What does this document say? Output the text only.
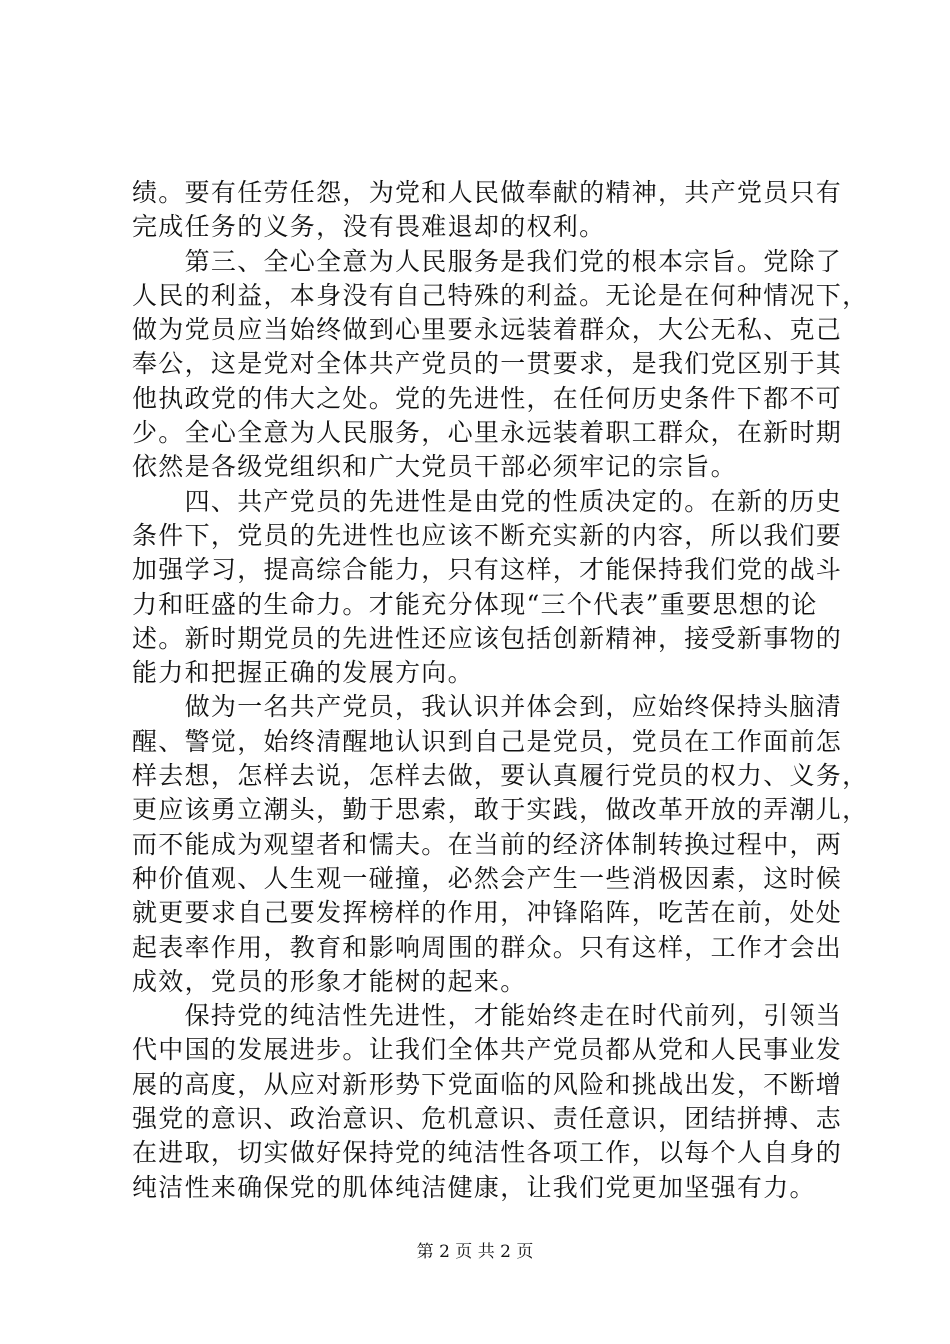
绩。要有任劳任怨，为党和人民做奉献的精神，共产党员只有
完成任务的义务，没有畏难退却的权利。
　　第三、全心全意为人民服务是我们党的根本宗旨。党除了
人民的利益，本身没有自己特殊的利益。无论是在何种情况下，
做为党员应当始终做到心里要永远装着群众，大公无私、克己
奉公，这是党对全体共产党员的一贯要求，是我们党区别于其
他执政党的伟大之处。党的先进性，在任何历史条件下都不可
少。全心全意为人民服务，心里永远装着职工群众，在新时期
依然是各级党组织和广大党员干部必须牢记的宗旨。
　　四、共产党员的先进性是由党的性质决定的。在新的历史
条件下，党员的先进性也应该不断充实新的内容，所以我们要
加强学习，提高综合能力，只有这样，才能保持我们党的战斗
力和旺盛的生命力。才能充分体现“三个代表”重要思想的论
述。新时期党员的先进性还应该包括创新精神，接受新事物的
能力和把握正确的发展方向。
　　做为一名共产党员，我认识并体会到，应始终保持头脑清
醒、警觉，始终清醒地认识到自己是党员，党员在工作面前怎
样去想，怎样去说，怎样去做，要认真履行党员的权力、义务，
更应该勇立潮头，勤于思索，敢于实践，做改革开放的弄潮儿，
而不能成为观望者和懦夫。在当前的经济体制转换过程中，两
种价值观、人生观一碰撞，必然会产生一些消极因素，这时候
就更要求自己要发挥榜样的作用，冲锋陷阵，吃苦在前，处处
起表率作用，教育和影响周围的群众。只有这样，工作才会出
成效，党员的形象才能树的起来。
　　保持党的纯洁性先进性，才能始终走在时代前列，引领当
代中国的发展进步。让我们全体共产党员都从党和人民事业发
展的高度，从应对新形势下党面临的风险和挑战出发，不断增
强党的意识、政治意识、危机意识、责任意识，团结拼搏、志
在进取，切实做好保持党的纯洁性各项工作，以每个人自身的
纯洁性来确保党的肌体纯洁健康，让我们党更加坚强有力。
第 2 页 共 2 页
